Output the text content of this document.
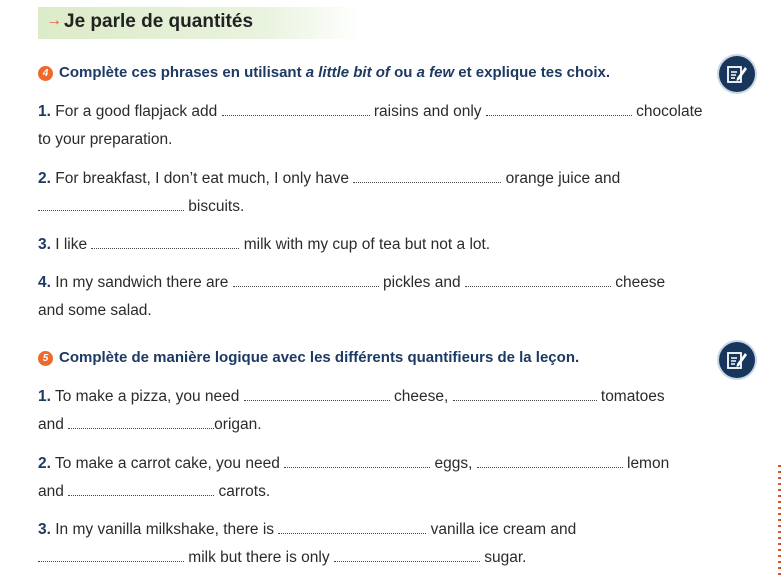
→ Je parle de quantités
4 Complète ces phrases en utilisant a little bit of ou a few et explique tes choix.
1. For a good flapjack add	raisins and only	chocolate
to your preparation.
2. For breakfast, I don’t eat much, I only have	orange juice and
biscuits.
3. I like	milk with my cup of tea but not a lot.
4. In my sandwich there are	pickles and	cheese
and some salad.
5 Complète de manière logique avec les différents quantifieurs de la leçon.
1. To make a pizza, you need	cheese,	tomatoes
and	origan.
2. To make a carrot cake, you need	eggs,	lemon
and	carrots.
3. In my vanilla milkshake, there is	vanilla ice cream and
milk but there is only	sugar.
